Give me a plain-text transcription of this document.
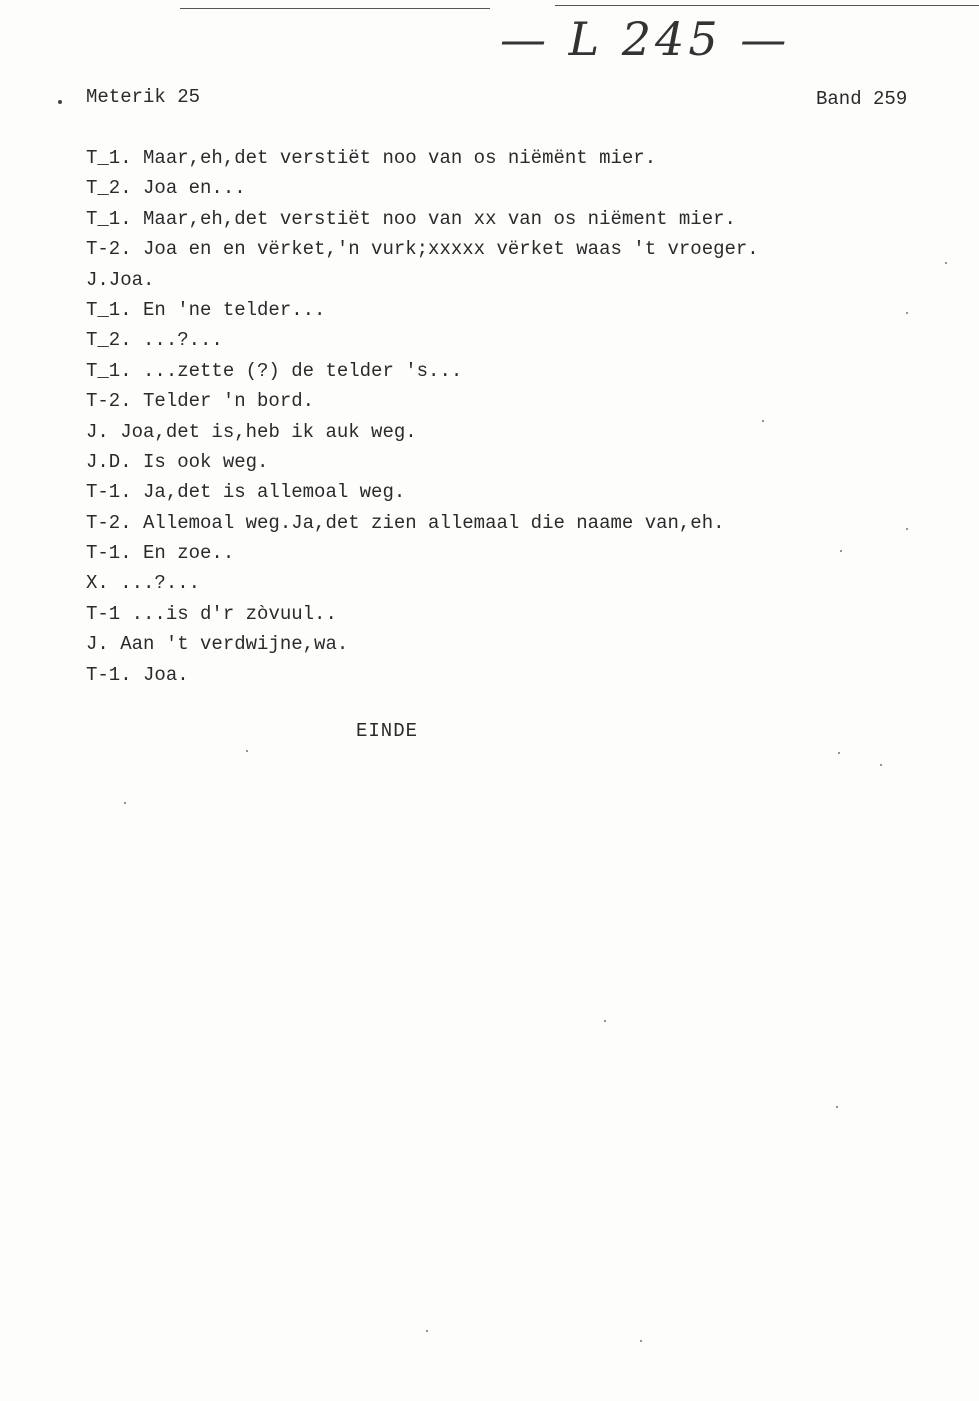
— L 245 —
Meterik 25	Band 259
T_1. Maar,eh,det verstiët noo van os niëmënt mier.
T_2. Joa en...
T_1. Maar,eh,det verstiët noo van xx van os niëment mier.
T-2. Joa en en vërket,'n vurk;xxxxx vërket waas 't vroeger.
J.Joa.
T_1. En 'ne telder...
T_2. ...?...
T_1. ...zette (?) de telder 's...
T-2. Telder 'n bord.
J. Joa,det is,heb ik auk weg.
J.D. Is ook weg.
T-1. Ja,det is allemoal weg.
T-2. Allemoal weg.Ja,det zien allemaal die naame van,eh.
T-1. En zoe..
X. ...?...
T-1 ...is d'r zòvuul..
J. Aan 't verdwijne,wa.
T-1. Joa.
EINDE
